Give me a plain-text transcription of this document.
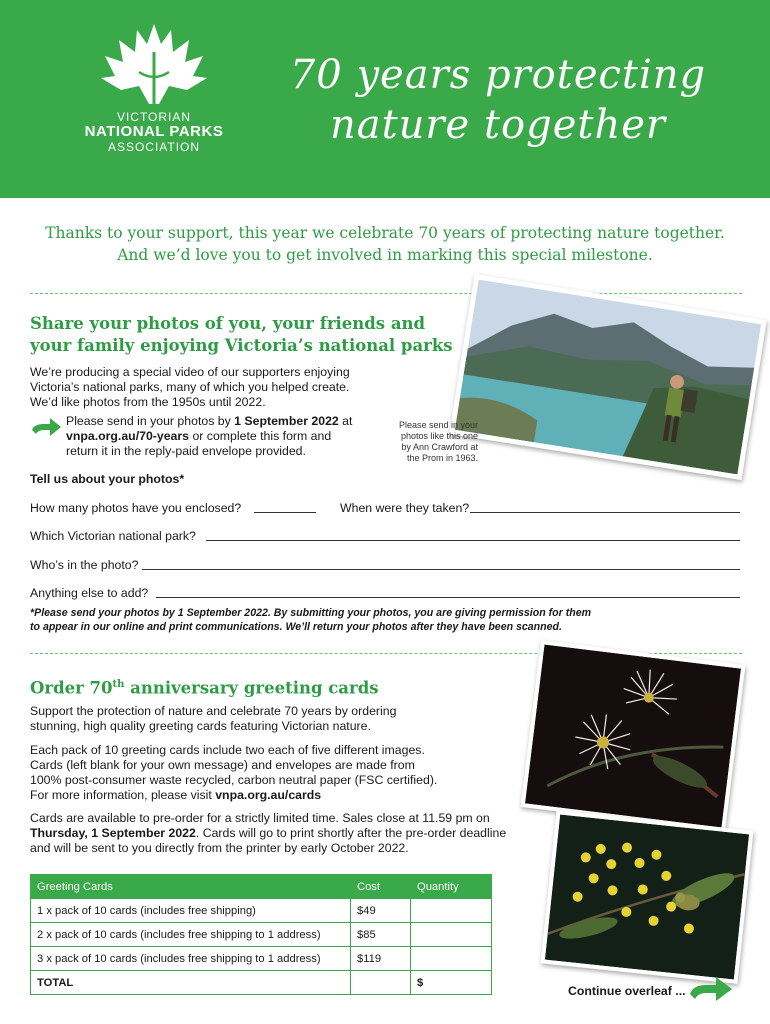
VICTORIAN
NATIONAL PARKS
ASSOCIATION
70 years protecting
nature together
Thanks to your support, this year we celebrate 70 years of protecting nature together.
And we’d love you to get involved in marking this special milestone.
Share your photos of you, your friends and
your family enjoying Victoria’s national parks
We’re producing a special video of our supporters enjoying
Victoria’s national parks, many of which you helped create.
We’d like photos from the 1950s until 2022.
Please send in your photos by 1 September 2022 at
vnpa.org.au/70-years or complete this form and
return it in the reply-paid envelope provided.
Please send in your photos like this one by Ann Crawford at the Prom in 1963.
Tell us about your photos*
How many photos have you enclosed?	When were they taken?
Which Victorian national park?
Who’s in the photo?
Anything else to add?
*Please send your photos by 1 September 2022. By submitting your photos, you are giving permission for them
to appear in our online and print communications. We’ll return your photos after they have been scanned.
Order 70th anniversary greeting cards
Support the protection of nature and celebrate 70 years by ordering
stunning, high quality greeting cards featuring Victorian nature.
Each pack of 10 greeting cards include two each of five different images.
Cards (left blank for your own message) and envelopes are made from
100% post-consumer waste recycled, carbon neutral paper (FSC certified).
For more information, please visit vnpa.org.au/cards
Cards are available to pre-order for a strictly limited time. Sales close at 11.59 pm on
Thursday, 1 September 2022. Cards will go to print shortly after the pre-order deadline
and will be sent to you directly from the printer by early October 2022.
Greeting Cards	Cost	Quantity
1 x pack of 10 cards (includes free shipping)	$49	
2 x pack of 10 cards (includes free shipping to 1 address)	$85	
3 x pack of 10 cards (includes free shipping to 1 address)	$119	
TOTAL		$
Continue overleaf ...
